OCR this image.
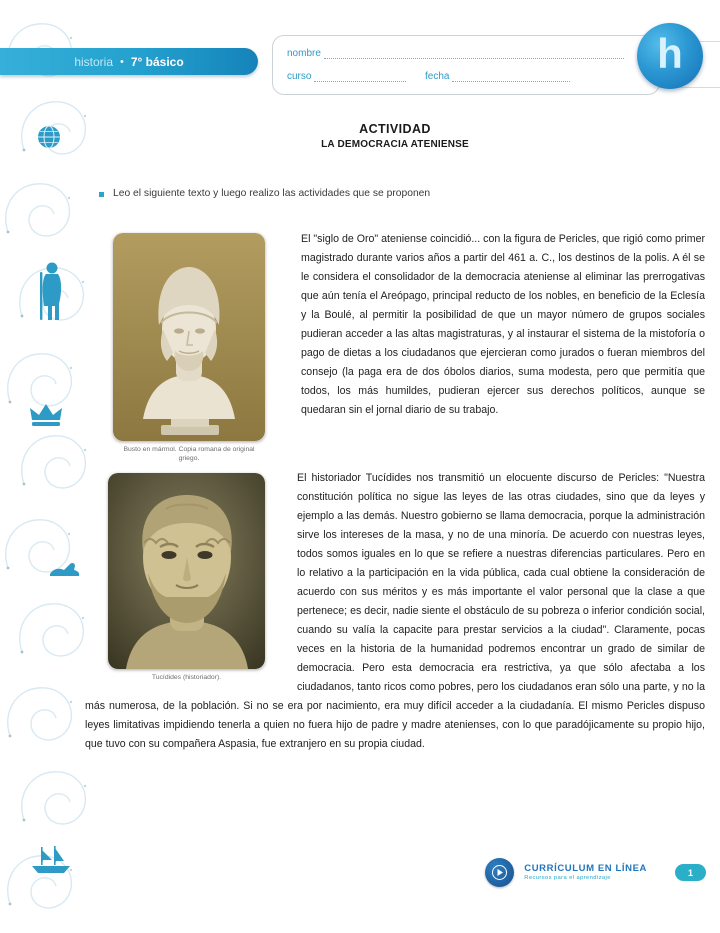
historia • 7° básico
nombre
curso	fecha	h
ACTIVIDAD
LA DEMOCRACIA ATENIENSE
Leo el siguiente texto y luego realizo las actividades que se proponen
Busto en mármol. Copia romana de original griego.

El "siglo de Oro" ateniense coincidió... con la figura de Pericles, que rigió como primer magistrado durante varios años a partir del 461 a. C., los destinos de la polis. A él se le considera el consolidador de la democracia ateniense al eliminar las prerrogativas que aún tenía el Areópago, principal reducto de los nobles, en beneficio de la Eclesía y la Boulé, al permitir la posibilidad de que un mayor número de grupos sociales pudieran acceder a las altas magistraturas, y al instaurar el sistema de la mistoforía o pago de dietas a los ciudadanos que ejercieran como jurados o fueran miembros del consejo (la paga era de dos óbolos diarios, suma modesta, pero que permitía que todos, los más humildes, pudieran ejercer sus derechos políticos, aunque se quedaran sin el jornal diario de su trabajo.

Tucídides (historiador).

El historiador Tucídides nos transmitió un elocuente discurso de Pericles: "Nuestra constitución política no sigue las leyes de las otras ciudades, sino que da leyes y ejemplo a las demás. Nuestro gobierno se llama democracia, porque la administración sirve los intereses de la masa, y no de una minoría. De acuerdo con nuestras leyes, todos somos iguales en lo que se refiere a nuestras diferencias particulares. Pero en lo relativo a la participación en la vida pública, cada cual obtiene la consideración de acuerdo con sus méritos y es más importante el valor personal que la clase a que pertenece; es decir, nadie siente el obstáculo de su pobreza o inferior condición social, cuando su valía la capacite para prestar servicios a la ciudad". Claramente, pocas veces en la historia de la humanidad podremos encontrar un grado de similar de democracia. Pero esta democracia era restrictiva, ya que sólo afectaba a los ciudadanos, tanto ricos como pobres, pero los ciudadanos eran sólo una parte, y no la más numerosa, de la población. Si no se era por nacimiento, era muy difícil acceder a la ciudadanía. El mismo Pericles dispuso leyes limitativas impidiendo tenerla a quien no fuera hijo de padre y madre atenienses, con lo que paradójicamente su propio hijo, que tuvo con su compañera Aspasia, fue extranjero en su propia ciudad.

CURRÍCULUM EN LÍNEA
Recursos para el aprendizaje
1
